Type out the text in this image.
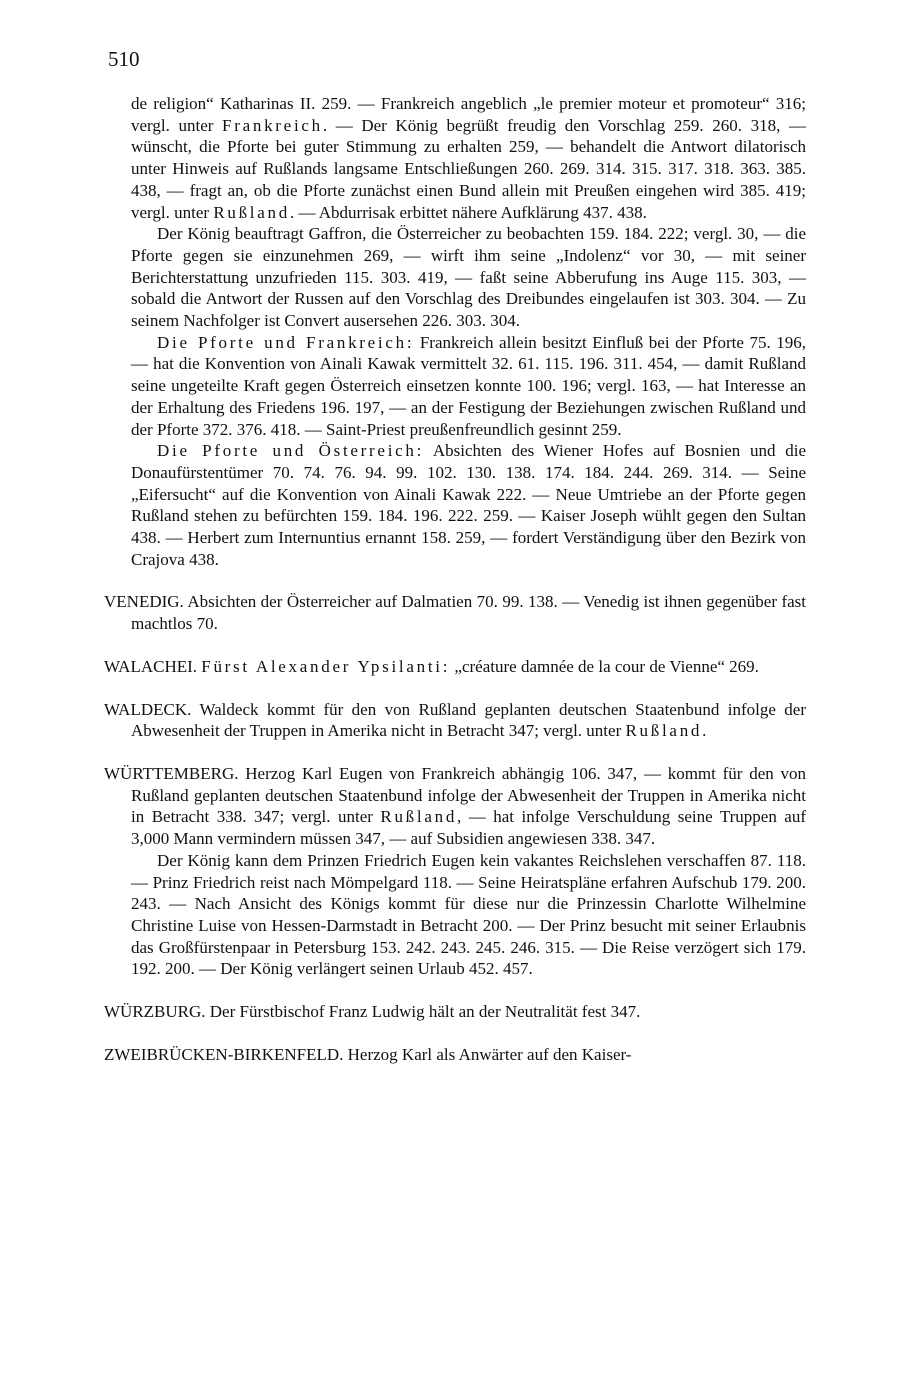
510

de religion“ Katharinas II. 259. — Frankreich angeblich „le premier moteur et promoteur“ 316; vergl. unter Frankreich. — Der König begrüßt freudig den Vorschlag 259. 260. 318, — wünscht, die Pforte bei guter Stimmung zu erhalten 259, — behandelt die Antwort dilatorisch unter Hinweis auf Rußlands langsame Entschließungen 260. 269. 314. 315. 317. 318. 363. 385. 438, — fragt an, ob die Pforte zunächst einen Bund allein mit Preußen eingehen wird 385. 419; vergl. unter Rußland. — Abdurrisak erbittet nähere Aufklärung 437. 438.

Der König beauftragt Gaffron, die Österreicher zu beobachten 159. 184. 222; vergl. 30, — die Pforte gegen sie einzunehmen 269, — wirft ihm seine „Indolenz“ vor 30, — mit seiner Berichterstattung unzufrieden 115. 303. 419, — faßt seine Abberufung ins Auge 115. 303, — sobald die Antwort der Russen auf den Vorschlag des Dreibundes eingelaufen ist 303. 304. — Zu seinem Nachfolger ist Convert ausersehen 226. 303. 304.

Die Pforte und Frankreich: Frankreich allein besitzt Einfluß bei der Pforte 75. 196, — hat die Konvention von Ainali Kawak vermittelt 32. 61. 115. 196. 311. 454, — damit Rußland seine ungeteilte Kraft gegen Österreich einsetzen konnte 100. 196; vergl. 163, — hat Interesse an der Erhaltung des Friedens 196. 197, — an der Festigung der Beziehungen zwischen Rußland und der Pforte 372. 376. 418. — Saint-Priest preußenfreundlich gesinnt 259.

Die Pforte und Österreich: Absichten des Wiener Hofes auf Bosnien und die Donaufürstentümer 70. 74. 76. 94. 99. 102. 130. 138. 174. 184. 244. 269. 314. — Seine „Eifersucht“ auf die Konvention von Ainali Kawak 222. — Neue Umtriebe an der Pforte gegen Rußland stehen zu befürchten 159. 184. 196. 222. 259. — Kaiser Joseph wühlt gegen den Sultan 438. — Herbert zum Internuntius ernannt 158. 259, — fordert Verständigung über den Bezirk von Crajova 438.

VENEDIG. Absichten der Österreicher auf Dalmatien 70. 99. 138. — Venedig ist ihnen gegenüber fast machtlos 70.

WALACHEI. Fürst Alexander Ypsilanti: „créature damnée de la cour de Vienne“ 269.

WALDECK. Waldeck kommt für den von Rußland geplanten deutschen Staatenbund infolge der Abwesenheit der Truppen in Amerika nicht in Betracht 347; vergl. unter Rußland.

WÜRTTEMBERG. Herzog Karl Eugen von Frankreich abhängig 106. 347, — kommt für den von Rußland geplanten deutschen Staatenbund infolge der Abwesenheit der Truppen in Amerika nicht in Betracht 338. 347; vergl. unter Rußland, — hat infolge Verschuldung seine Truppen auf 3,000 Mann vermindern müssen 347, — auf Subsidien angewiesen 338. 347.

Der König kann dem Prinzen Friedrich Eugen kein vakantes Reichslehen verschaffen 87. 118. — Prinz Friedrich reist nach Mömpelgard 118. — Seine Heiratspläne erfahren Aufschub 179. 200. 243. — Nach Ansicht des Königs kommt für diese nur die Prinzessin Charlotte Wilhelmine Christine Luise von Hessen-Darmstadt in Betracht 200. — Der Prinz besucht mit seiner Erlaubnis das Großfürstenpaar in Petersburg 153. 242. 243. 245. 246. 315. — Die Reise verzögert sich 179. 192. 200. — Der König verlängert seinen Urlaub 452. 457.

WÜRZBURG. Der Fürstbischof Franz Ludwig hält an der Neutralität fest 347.

ZWEIBRÜCKEN-BIRKENFELD. Herzog Karl als Anwärter auf den Kaiser-
